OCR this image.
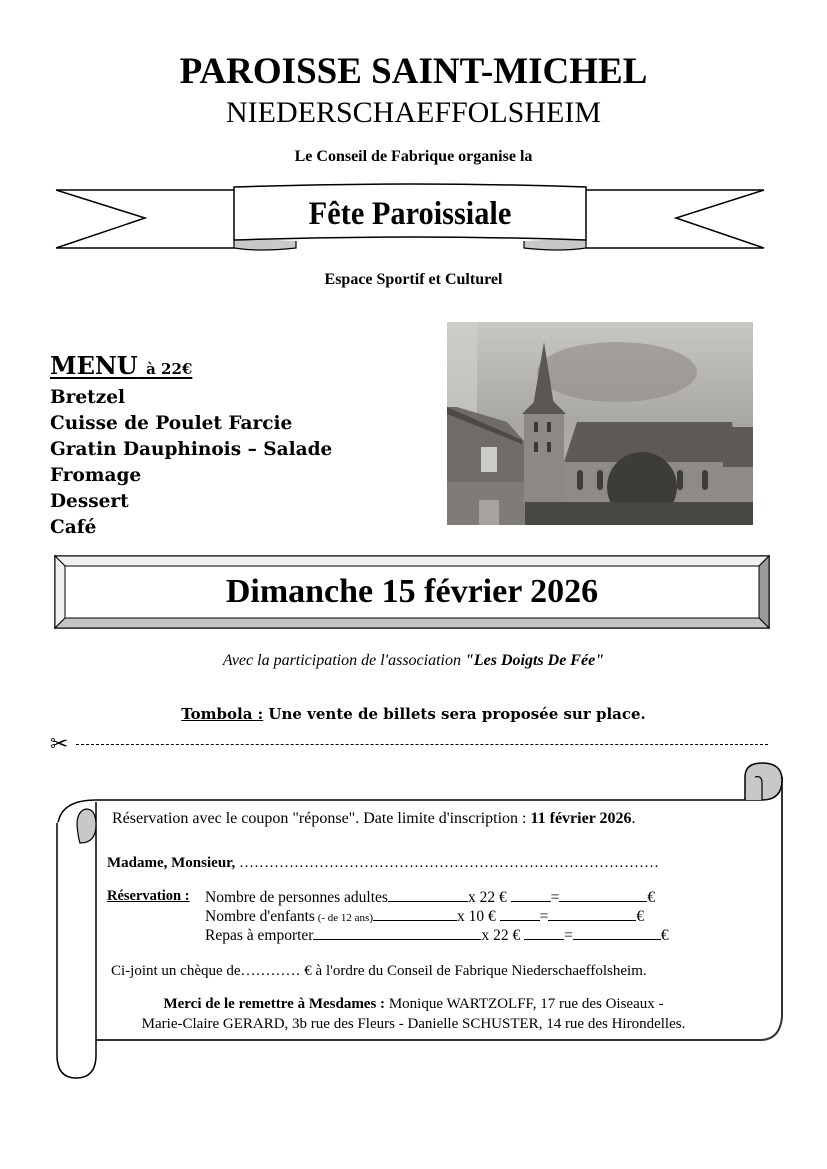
PAROISSE SAINT-MICHEL
NIEDERSCHAEFFOLSHEIM
Le Conseil de Fabrique organise la
Fête Paroissiale
Espace Sportif et Culturel
MENU à 22€
Bretzel
Cuisse de Poulet Farcie
Gratin Dauphinois – Salade
Fromage
Dessert
Café
Dimanche 15 février 2026
Avec la participation de l'association "Les Doigts De Fée"
Tombola : Une vente de billets sera proposée sur place.
✂
Réservation avec le coupon "réponse". Date limite d'inscription : 11 février 2026.
Madame, Monsieur, …………………………………………………………………………
Réservation : Nombre de personnes adultes	x 22 €	=	€
Nombre d'enfants (- de 12 ans)	x 10 €	=	€
Repas à emporter	x 22 €	=	€
Ci-joint un chèque de………… € à l'ordre du Conseil de Fabrique Niederschaeffolsheim.
Merci de le remettre à Mesdames : Monique WARTZOLFF, 17 rue des Oiseaux -
Marie-Claire GERARD, 3b rue des Fleurs - Danielle SCHUSTER, 14 rue des Hirondelles.
